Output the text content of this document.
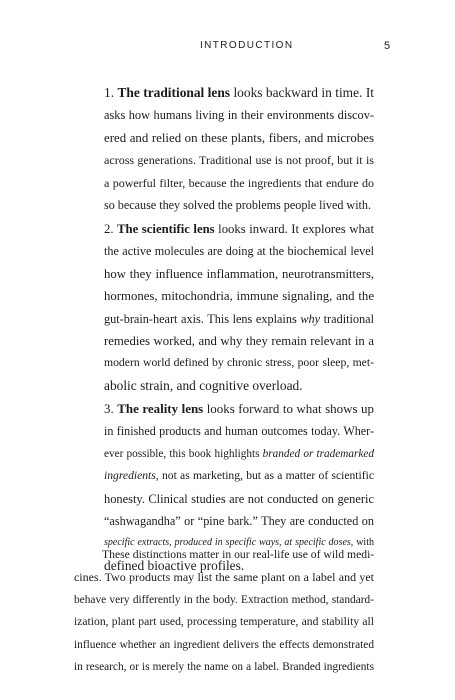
INTRODUCTION	5
1. The traditional lens looks backward in time. It
asks how humans living in their environments discov-
ered and relied on these plants, fibers, and microbes
across generations. Traditional use is not proof, but it is
a powerful filter, because the ingredients that endure do
so because they solved the problems people lived with.
2. The scientific lens looks inward. It explores what
the active molecules are doing at the biochemical level
how they influence inflammation, neurotransmitters,
hormones, mitochondria, immune signaling, and the
gut-brain-heart axis. This lens explains why traditional
remedies worked, and why they remain relevant in a
modern world defined by chronic stress, poor sleep, met-
abolic strain, and cognitive overload.
3. The reality lens looks forward to what shows up
in finished products and human outcomes today. Wher-
ever possible, this book highlights branded or trademarked
ingredients, not as marketing, but as a matter of scientific
honesty. Clinical studies are not conducted on generic
“ashwagandha” or “pine bark.” They are conducted on
specific extracts, produced in specific ways, at specific doses, with
defined bioactive profiles.
These distinctions matter in our real-life use of wild medi-
cines. Two products may list the same plant on a label and yet
behave very differently in the body. Extraction method, standard-
ization, plant part used, processing temperature, and stability all
influence whether an ingredient delivers the effects demonstrated
in research, or is merely the name on a label. Branded ingredients
